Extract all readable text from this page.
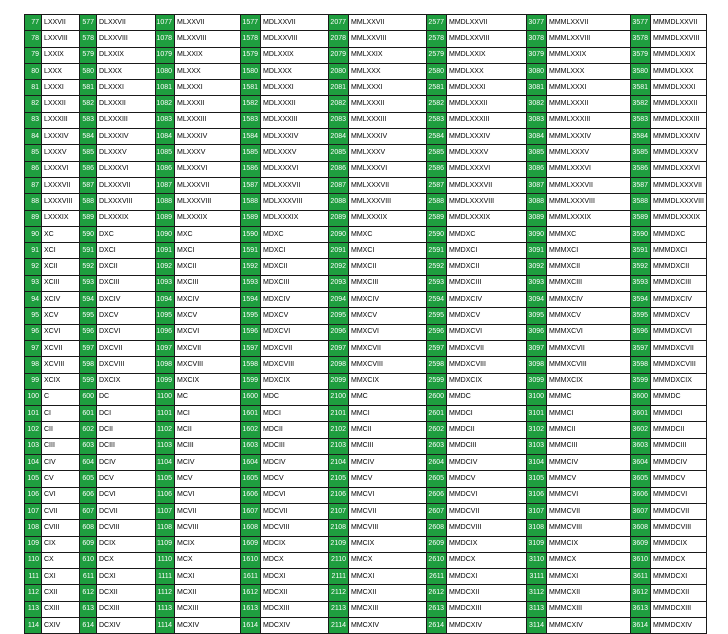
77	LXXVII	577	DLXXVII	1077	MLXXVII	1577	MDLXXVII	2077	MMLXXVII	2577	MMDLXXVII	3077	MMMLXXVII	3577	MMMDLXXVII
78	LXXVIII	578	DLXXVIII	1078	MLXXVIII	1578	MDLXXVIII	2078	MMLXXVIII	2578	MMDLXXVIII	3078	MMMLXXVIII	3578	MMMDLXXVIII
79	LXXIX	579	DLXXIX	1079	MLXXIX	1579	MDLXXIX	2079	MMLXXIX	2579	MMDLXXIX	3079	MMMLXXIX	3579	MMMDLXXIX
80	LXXX	580	DLXXX	1080	MLXXX	1580	MDLXXX	2080	MMLXXX	2580	MMDLXXX	3080	MMMLXXX	3580	MMMDLXXX
81	LXXXI	581	DLXXXI	1081	MLXXXI	1581	MDLXXXI	2081	MMLXXXI	2581	MMDLXXXI	3081	MMMLXXXI	3581	MMMDLXXXI
82	LXXXII	582	DLXXXII	1082	MLXXXII	1582	MDLXXXII	2082	MMLXXXII	2582	MMDLXXXII	3082	MMMLXXXII	3582	MMMDLXXXII
83	LXXXIII	583	DLXXXIII	1083	MLXXXIII	1583	MDLXXXIII	2083	MMLXXXIII	2583	MMDLXXXIII	3083	MMMLXXXIII	3583	MMMDLXXXIII
84	LXXXIV	584	DLXXXIV	1084	MLXXXIV	1584	MDLXXXIV	2084	MMLXXXIV	2584	MMDLXXXIV	3084	MMMLXXXIV	3584	MMMDLXXXIV
85	LXXXV	585	DLXXXV	1085	MLXXXV	1585	MDLXXXV	2085	MMLXXXV	2585	MMDLXXXV	3085	MMMLXXXV	3585	MMMDLXXXV
86	LXXXVI	586	DLXXXVI	1086	MLXXXVI	1586	MDLXXXVI	2086	MMLXXXVI	2586	MMDLXXXVI	3086	MMMLXXXVI	3586	MMMDLXXXVI
87	LXXXVII	587	DLXXXVII	1087	MLXXXVII	1587	MDLXXXVII	2087	MMLXXXVII	2587	MMDLXXXVII	3087	MMMLXXXVII	3587	MMMDLXXXVII
88	LXXXVIII	588	DLXXXVIII	1088	MLXXXVIII	1588	MDLXXXVIII	2088	MMLXXXVIII	2588	MMDLXXXVIII	3088	MMMLXXXVIII	3588	MMMDLXXXVIII
89	LXXXIX	589	DLXXXIX	1089	MLXXXIX	1589	MDLXXXIX	2089	MMLXXXIX	2589	MMDLXXXIX	3089	MMMLXXXIX	3589	MMMDLXXXIX
90	XC	590	DXC	1090	MXC	1590	MDXC	2090	MMXC	2590	MMDXC	3090	MMMXC	3590	MMMDXC
91	XCI	591	DXCI	1091	MXCI	1591	MDXCI	2091	MMXCI	2591	MMDXCI	3091	MMMXCI	3591	MMMDXCI
92	XCII	592	DXCII	1092	MXCII	1592	MDXCII	2092	MMXCII	2592	MMDXCII	3092	MMMXCII	3592	MMMDXCII
93	XCIII	593	DXCIII	1093	MXCIII	1593	MDXCIII	2093	MMXCIII	2593	MMDXCIII	3093	MMMXCIII	3593	MMMDXCIII
94	XCIV	594	DXCIV	1094	MXCIV	1594	MDXCIV	2094	MMXCIV	2594	MMDXCIV	3094	MMMXCIV	3594	MMMDXCIV
95	XCV	595	DXCV	1095	MXCV	1595	MDXCV	2095	MMXCV	2595	MMDXCV	3095	MMMXCV	3595	MMMDXCV
96	XCVI	596	DXCVI	1096	MXCVI	1596	MDXCVI	2096	MMXCVI	2596	MMDXCVI	3096	MMMXCVI	3596	MMMDXCVI
97	XCVII	597	DXCVII	1097	MXCVII	1597	MDXCVII	2097	MMXCVII	2597	MMDXCVII	3097	MMMXCVII	3597	MMMDXCVII
98	XCVIII	598	DXCVIII	1098	MXCVIII	1598	MDXCVIII	2098	MMXCVIII	2598	MMDXCVIII	3098	MMMXCVIII	3598	MMMDXCVIII
99	XCIX	599	DXCIX	1099	MXCIX	1599	MDXCIX	2099	MMXCIX	2599	MMDXCIX	3099	MMMXCIX	3599	MMMDXCIX
100	C	600	DC	1100	MC	1600	MDC	2100	MMC	2600	MMDC	3100	MMMC	3600	MMMDC
101	CI	601	DCI	1101	MCI	1601	MDCI	2101	MMCI	2601	MMDCI	3101	MMMCI	3601	MMMDCI
102	CII	602	DCII	1102	MCII	1602	MDCII	2102	MMCII	2602	MMDCII	3102	MMMCII	3602	MMMDCII
103	CIII	603	DCIII	1103	MCIII	1603	MDCIII	2103	MMCIII	2603	MMDCIII	3103	MMMCIII	3603	MMMDCIII
104	CIV	604	DCIV	1104	MCIV	1604	MDCIV	2104	MMCIV	2604	MMDCIV	3104	MMMCIV	3604	MMMDCIV
105	CV	605	DCV	1105	MCV	1605	MDCV	2105	MMCV	2605	MMDCV	3105	MMMCV	3605	MMMDCV
106	CVI	606	DCVI	1106	MCVI	1606	MDCVI	2106	MMCVI	2606	MMDCVI	3106	MMMCVI	3606	MMMDCVI
107	CVII	607	DCVII	1107	MCVII	1607	MDCVII	2107	MMCVII	2607	MMDCVII	3107	MMMCVII	3607	MMMDCVII
108	CVIII	608	DCVIII	1108	MCVIII	1608	MDCVIII	2108	MMCVIII	2608	MMDCVIII	3108	MMMCVIII	3608	MMMDCVIII
109	CIX	609	DCIX	1109	MCIX	1609	MDCIX	2109	MMCIX	2609	MMDCIX	3109	MMMCIX	3609	MMMDCIX
110	CX	610	DCX	1110	MCX	1610	MDCX	2110	MMCX	2610	MMDCX	3110	MMMCX	3610	MMMDCX
111	CXI	611	DCXI	1111	MCXI	1611	MDCXI	2111	MMCXI	2611	MMDCXI	3111	MMMCXI	3611	MMMDCXI
112	CXII	612	DCXII	1112	MCXII	1612	MDCXII	2112	MMCXII	2612	MMDCXII	3112	MMMCXII	3612	MMMDCXII
113	CXIII	613	DCXIII	1113	MCXIII	1613	MDCXIII	2113	MMCXIII	2613	MMDCXIII	3113	MMMCXIII	3613	MMMDCXIII
114	CXIV	614	DCXIV	1114	MCXIV	1614	MDCXIV	2114	MMCXIV	2614	MMDCXIV	3114	MMMCXIV	3614	MMMDCXIV
